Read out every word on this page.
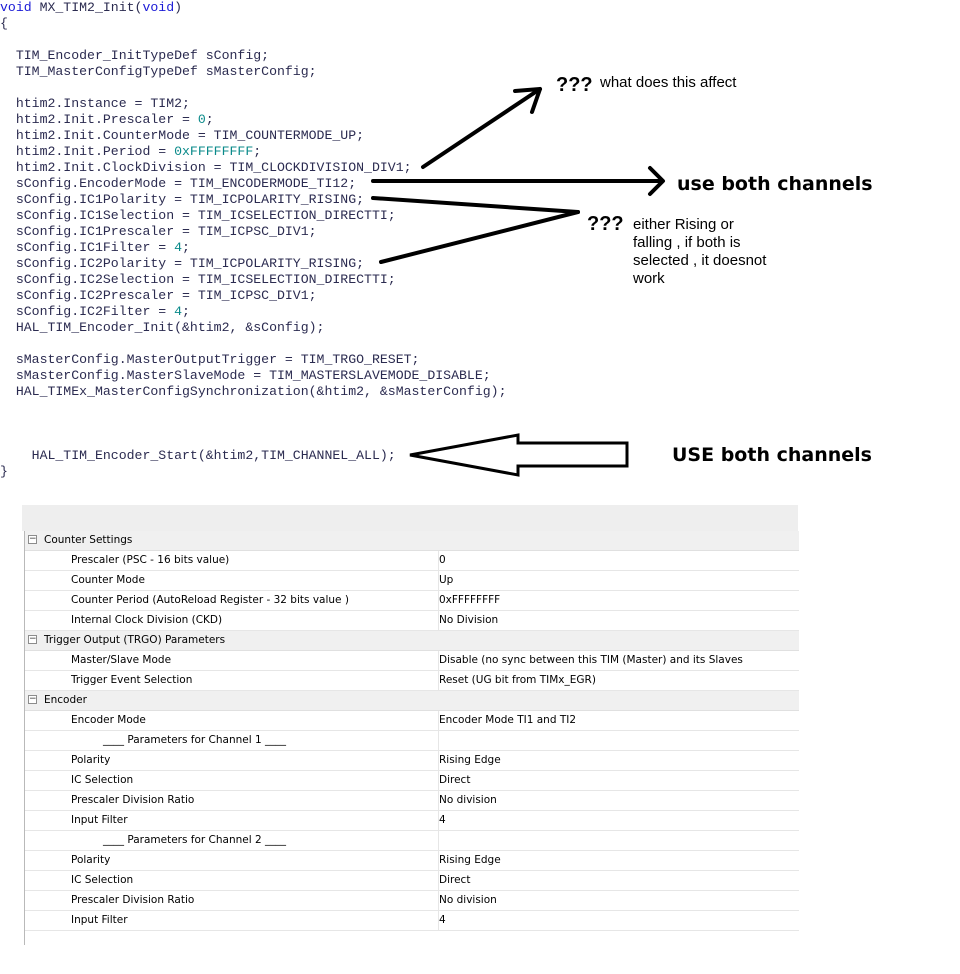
void MX_TIM2_Init(void)
{
TIM_Encoder_InitTypeDef sConfig;
TIM_MasterConfigTypeDef sMasterConfig;
htim2.Instance = TIM2;
htim2.Init.Prescaler = 0;
htim2.Init.CounterMode = TIM_COUNTERMODE_UP;
htim2.Init.Period = 0xFFFFFFFF;
htim2.Init.ClockDivision = TIM_CLOCKDIVISION_DIV1;
sConfig.EncoderMode = TIM_ENCODERMODE_TI12;
sConfig.IC1Polarity = TIM_ICPOLARITY_RISING;
sConfig.IC1Selection = TIM_ICSELECTION_DIRECTTI;
sConfig.IC1Prescaler = TIM_ICPSC_DIV1;
sConfig.IC1Filter = 4;
sConfig.IC2Polarity = TIM_ICPOLARITY_RISING;
sConfig.IC2Selection = TIM_ICSELECTION_DIRECTTI;
sConfig.IC2Prescaler = TIM_ICPSC_DIV1;
sConfig.IC2Filter = 4;
HAL_TIM_Encoder_Init(&htim2, &sConfig);
sMasterConfig.MasterOutputTrigger = TIM_TRGO_RESET;
sMasterConfig.MasterSlaveMode = TIM_MASTERSLAVEMODE_DISABLE;
HAL_TIMEx_MasterConfigSynchronization(&htim2, &sMasterConfig);
HAL_TIM_Encoder_Start(&htim2,TIM_CHANNEL_ALL);
}
??? what does this affect
use both channels
??? either Rising or
falling , if both is
selected , it doesnot
work
USE both channels
− Counter Settings
Prescaler (PSC - 16 bits value)	0
Counter Mode	Up
Counter Period (AutoReload Register - 32 bits value )	0xFFFFFFFF
Internal Clock Division (CKD)	No Division
− Trigger Output (TRGO) Parameters
Master/Slave Mode	Disable (no sync between this TIM (Master) and its Slaves
Trigger Event Selection	Reset (UG bit from TIMx_EGR)
− Encoder
Encoder Mode	Encoder Mode TI1 and TI2
____ Parameters for Channel 1 ____
Polarity	Rising Edge
IC Selection	Direct
Prescaler Division Ratio	No division
Input Filter	4
____ Parameters for Channel 2 ____
Polarity	Rising Edge
IC Selection	Direct
Prescaler Division Ratio	No division
Input Filter	4
